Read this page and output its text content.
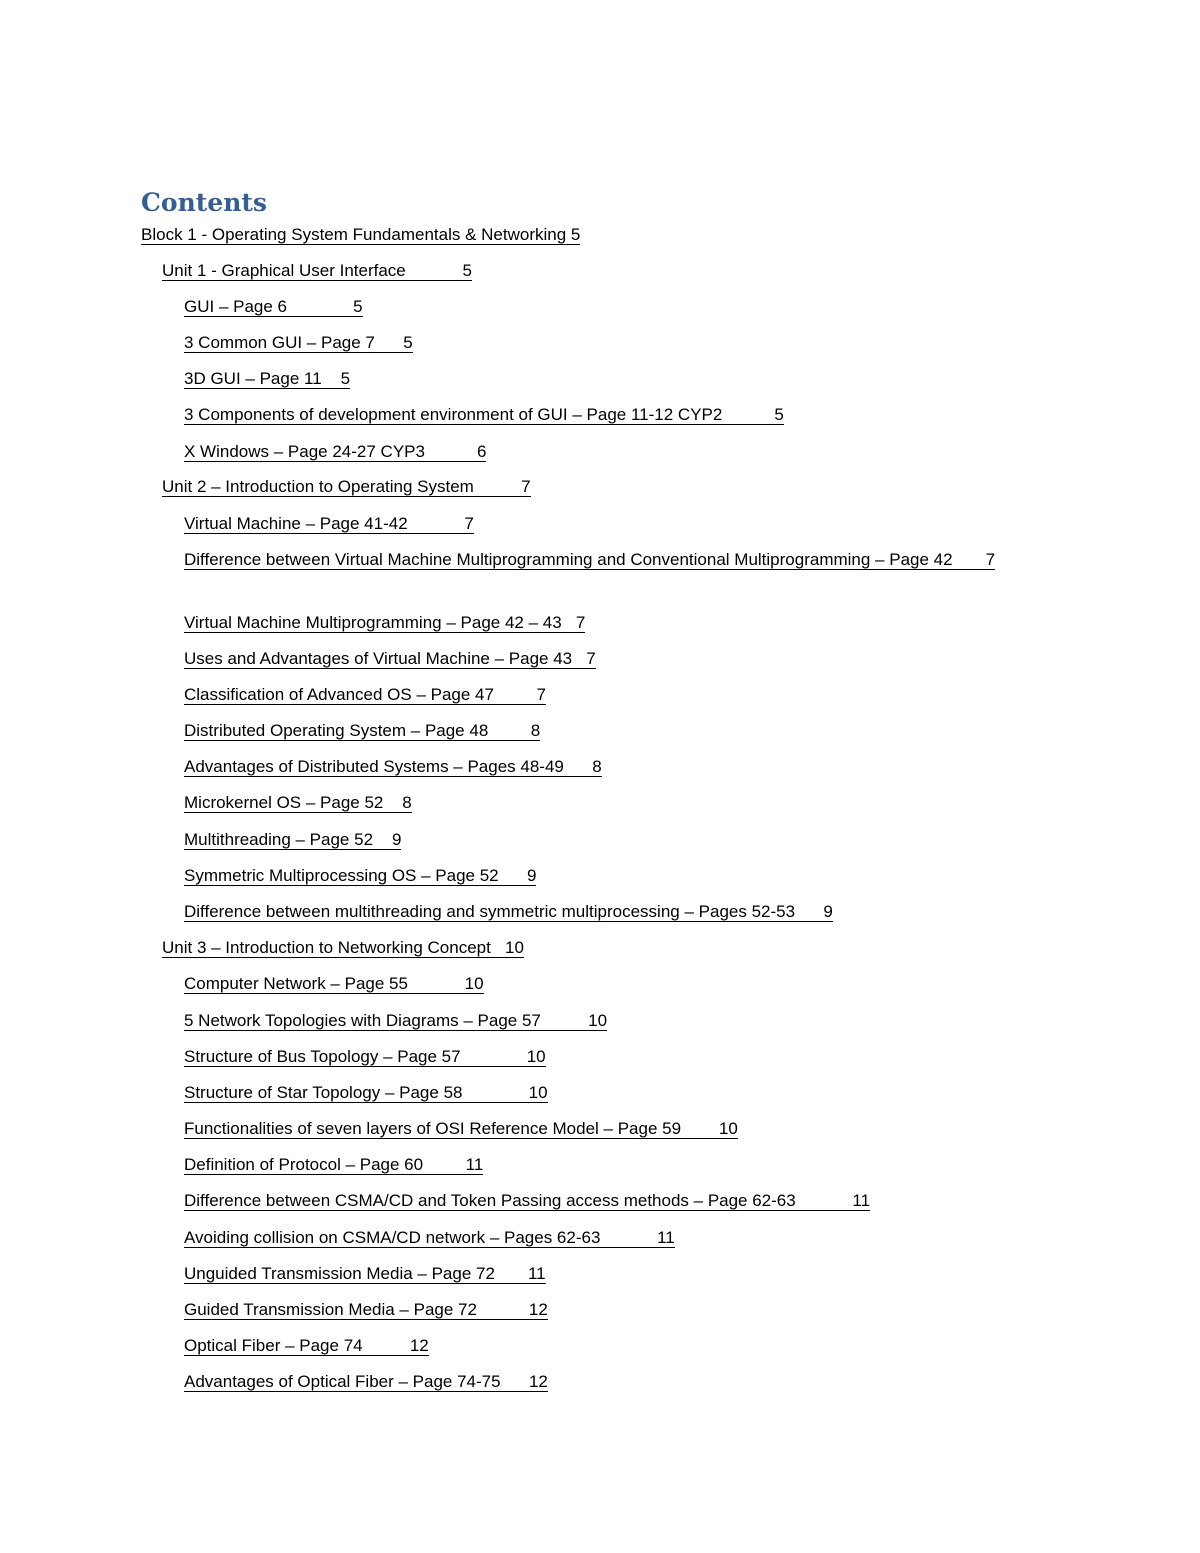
Contents
Block 1 - Operating System Fundamentals & Networking 5
Unit 1 - Graphical User Interface	5
GUI – Page 6	5
3 Common GUI – Page 7 5
3D GUI – Page 11 5
3 Components of development environment of GUI – Page 11-12 CYP2	5
X Windows – Page 24-27 CYP3	6
Unit 2 – Introduction to Operating System	7
Virtual Machine – Page 41-42	7
Difference between Virtual Machine Multiprogramming and Conventional Multiprogramming – Page 42 7
Virtual Machine Multiprogramming – Page 42 – 43 7
Uses and Advantages of Virtual Machine – Page 43 7
Classification of Advanced OS – Page 47	7
Distributed Operating System – Page 48	8
Advantages of Distributed Systems – Pages 48-49 8
Microkernel OS – Page 52 8
Multithreading – Page 52 9
Symmetric Multiprocessing OS – Page 52 9
Difference between multithreading and symmetric multiprocessing – Pages 52-53 9
Unit 3 – Introduction to Networking Concept 10
Computer Network – Page 55	10
5 Network Topologies with Diagrams – Page 57	10
Structure of Bus Topology – Page 57	10
Structure of Star Topology – Page 58	10
Functionalities of seven layers of OSI Reference Model – Page 59 10
Definition of Protocol – Page 60	11
Difference between CSMA/CD and Token Passing access methods – Page 62-63	11
Avoiding collision on CSMA/CD network – Pages 62-63	11
Unguided Transmission Media – Page 72 11
Guided Transmission Media – Page 72	12
Optical Fiber – Page 74	12
Advantages of Optical Fiber – Page 74-75 12
